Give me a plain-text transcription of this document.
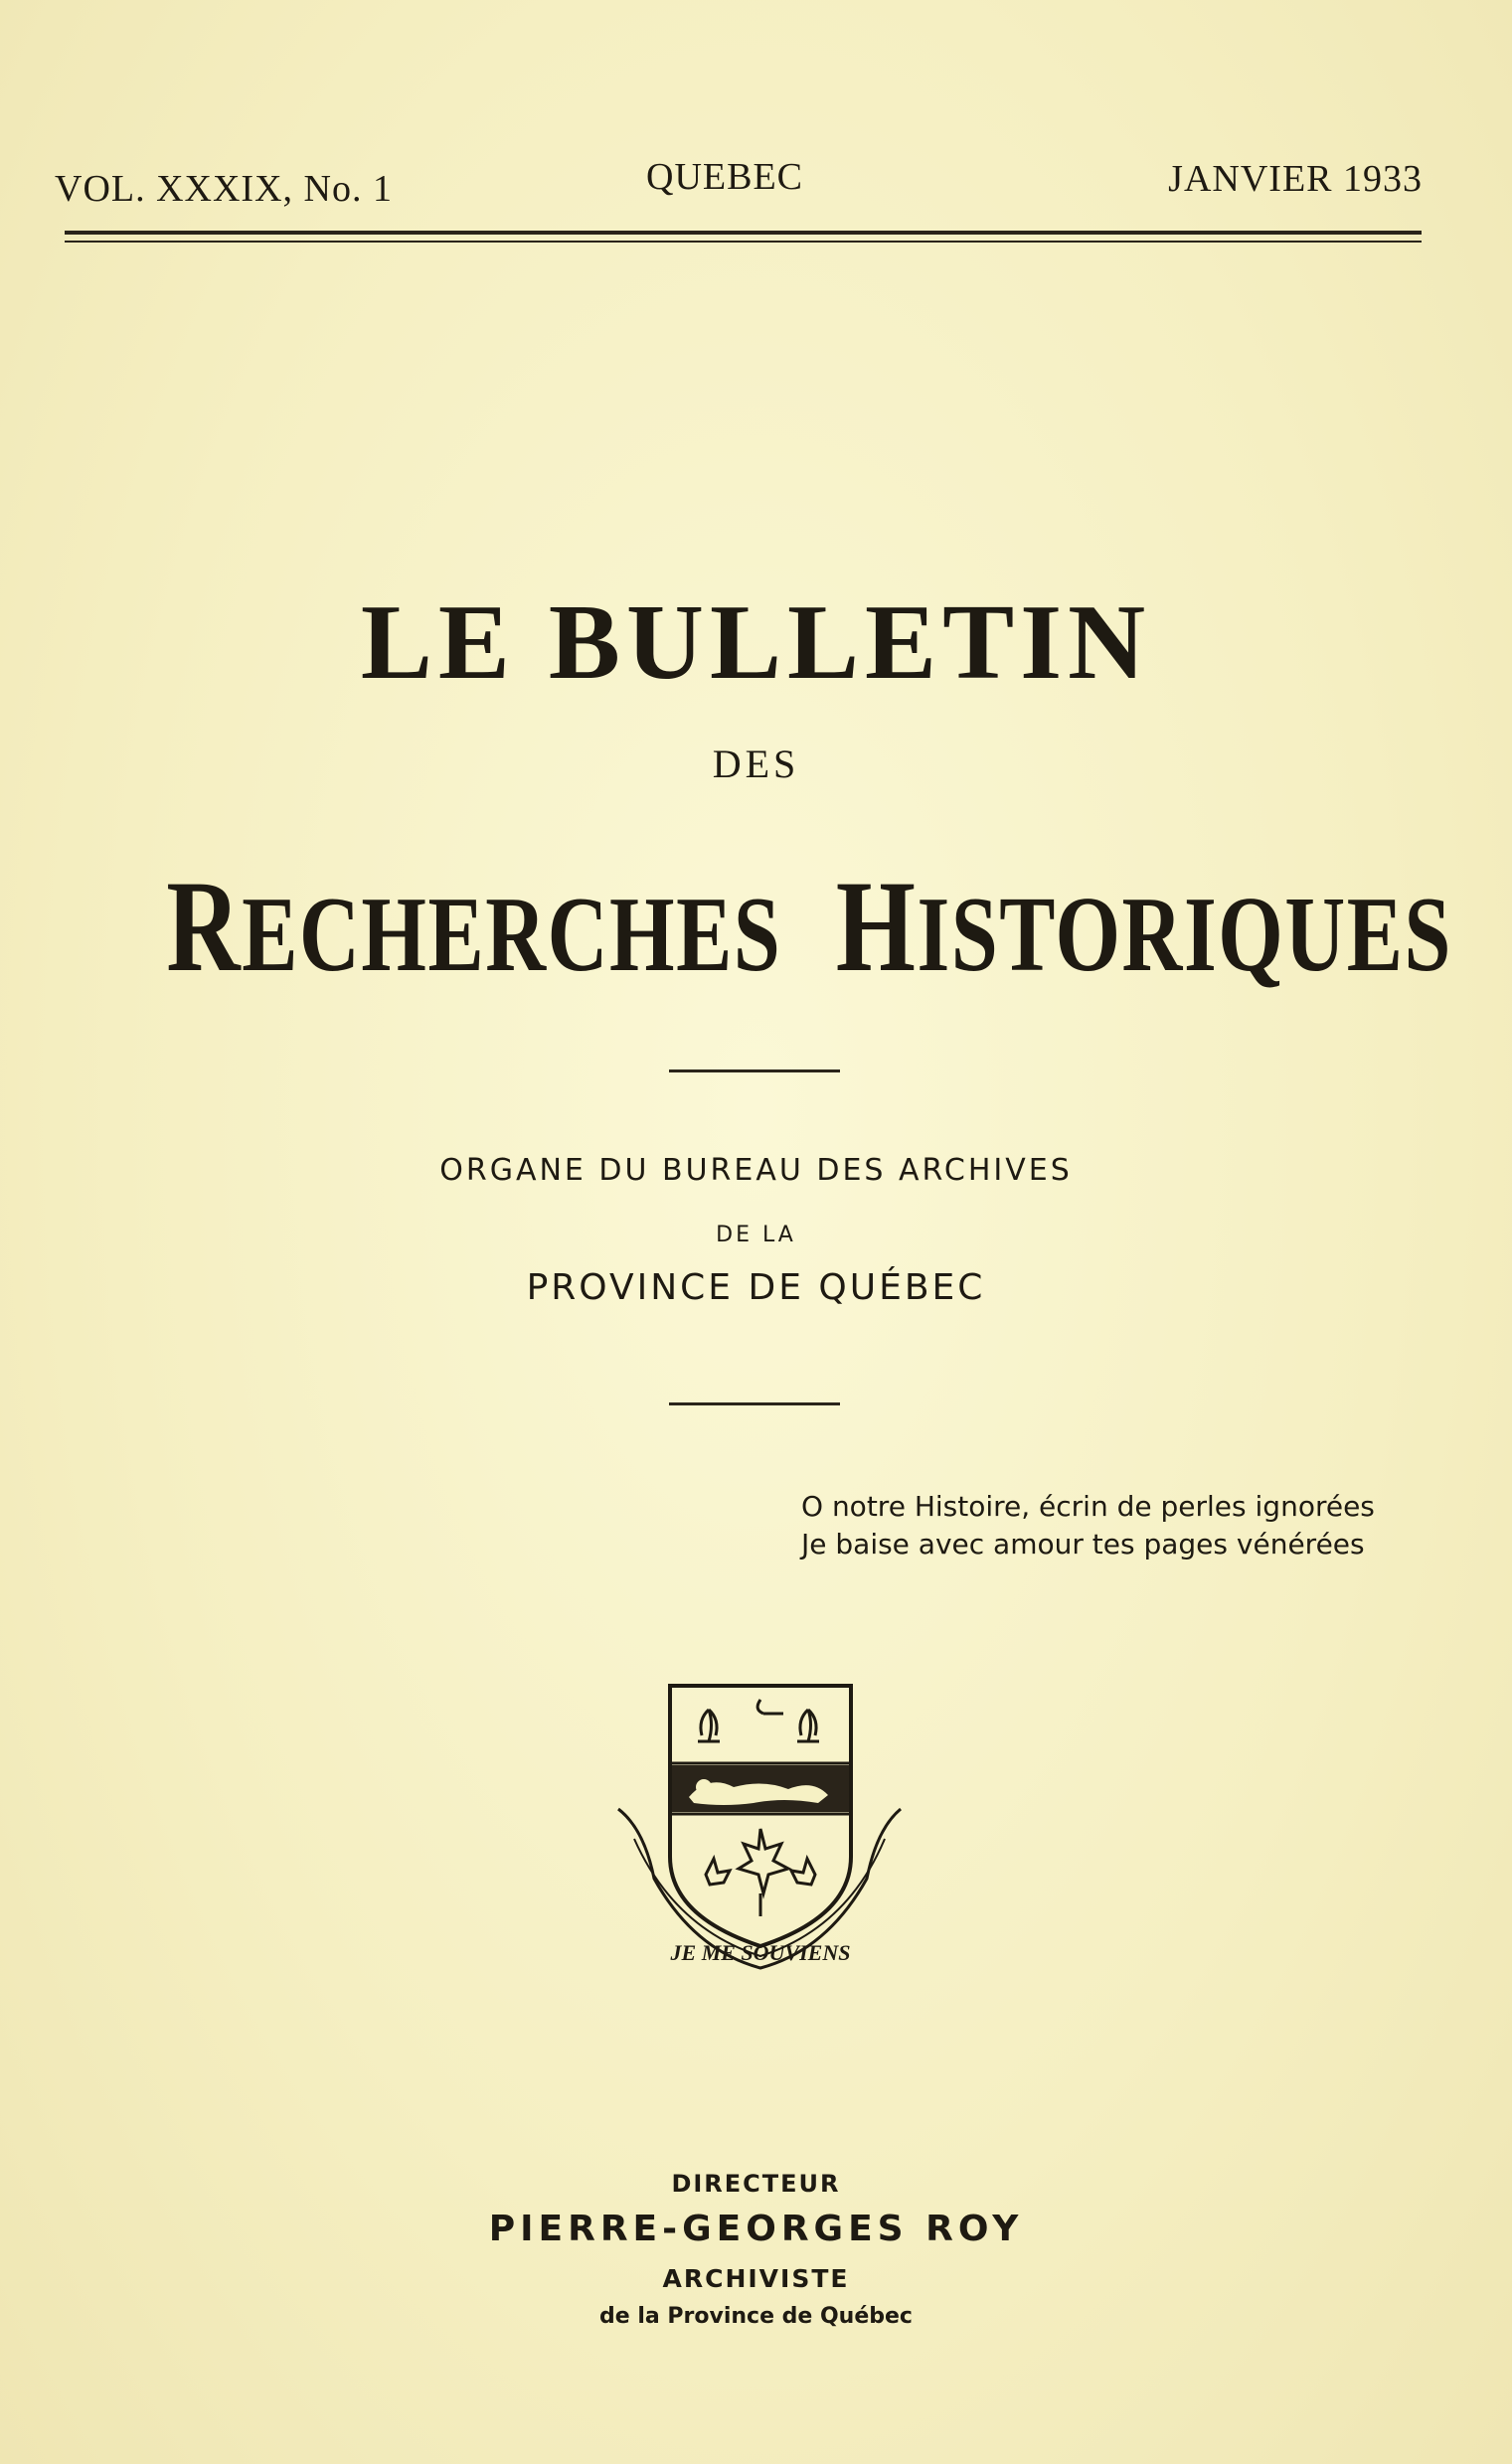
VOL. XXXIX, No. 1	QUEBEC	JANVIER 1933
LE BULLETIN
DES
RECHERCHES HISTORIQUES
ORGANE DU BUREAU DES ARCHIVES
DE LA
PROVINCE DE QUÉBEC
O notre Histoire, écrin de perles ignorées
Je baise avec amour tes pages vénérées
JE ME SOUVIENS
DIRECTEUR
PIERRE-GEORGES ROY
ARCHIVISTE
de la Province de Québec
